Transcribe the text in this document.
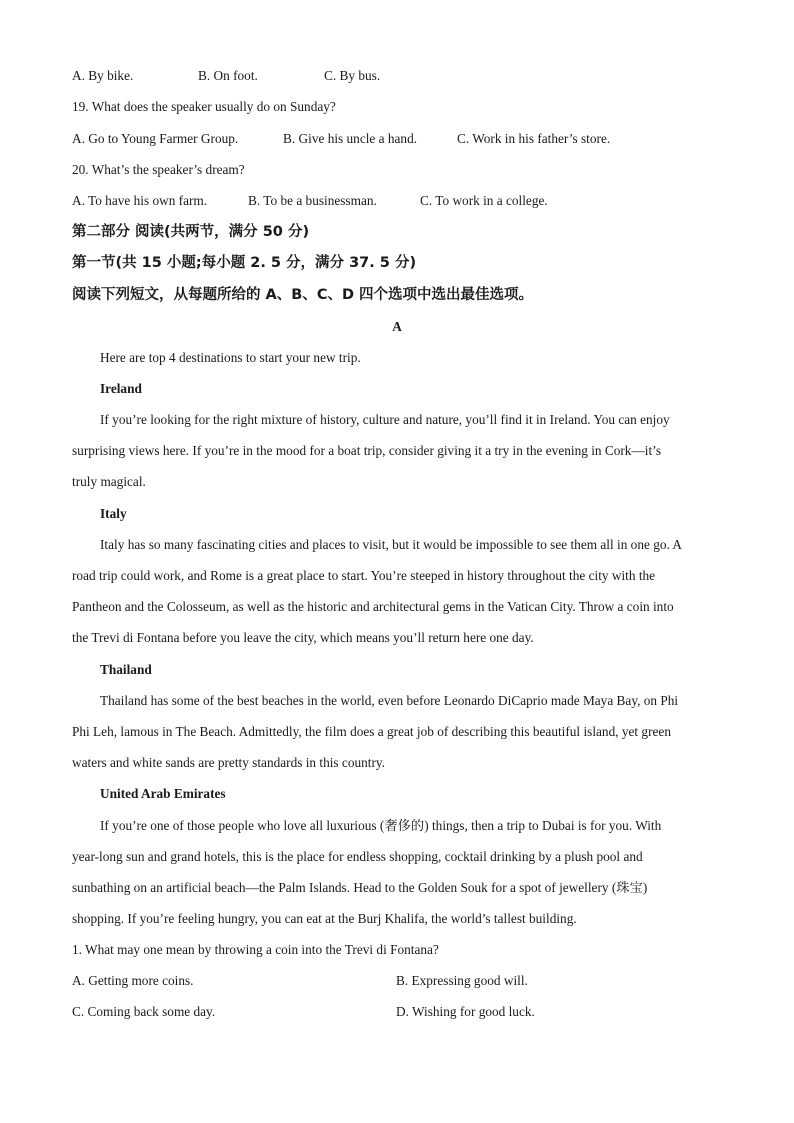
A. By bike.	B. On foot.	C. By bus.
19. What does the speaker usually do on Sunday?
A. Go to Young Farmer Group.	B. Give his uncle a hand.	C. Work in his father’s store.
20. What’s the speaker’s dream?
A. To have his own farm.	B. To be a businessman.	C. To work in a college.
第二部分 阅读(共两节，满分 50 分)
第一节(共 15 小题;每小题 2. 5 分，满分 37. 5 分)
阅读下列短文，从每题所给的 A、B、C、D 四个选项中选出最佳选项。
A
Here are top 4 destinations to start your new trip.
Ireland
If you’re looking for the right mixture of history, culture and nature, you’ll find it in Ireland. You can enjoy
surprising views here. If you’re in the mood for a boat trip, consider giving it a try in the evening in Cork—it’s
truly magical.
Italy
Italy has so many fascinating cities and places to visit, but it would be impossible to see them all in one go. A
road trip could work, and Rome is a great place to start. You’re steeped in history throughout the city with the
Pantheon and the Colosseum, as well as the historic and architectural gems in the Vatican City. Throw a coin into
the Trevi di Fontana before you leave the city, which means you’ll return here one day.
Thailand
Thailand has some of the best beaches in the world, even before Leonardo DiCaprio made Maya Bay, on Phi
Phi Leh, lamous in The Beach. Admittedly, the film does a great job of describing this beautiful island, yet green
waters and white sands are pretty standards in this country.
United Arab Emirates
If you’re one of those people who love all luxurious (奢侈的) things, then a trip to Dubai is for you. With
year-long sun and grand hotels, this is the place for endless shopping, cocktail drinking by a plush pool and
sunbathing on an artificial beach—the Palm Islands. Head to the Golden Souk for a spot of jewellery (珠宝)
shopping. If you’re feeling hungry, you can eat at the Burj Khalifa, the world’s tallest building.
1. What may one mean by throwing a coin into the Trevi di Fontana?
A. Getting more coins.	B. Expressing good will.
C. Coming back some day.	D. Wishing for good luck.
